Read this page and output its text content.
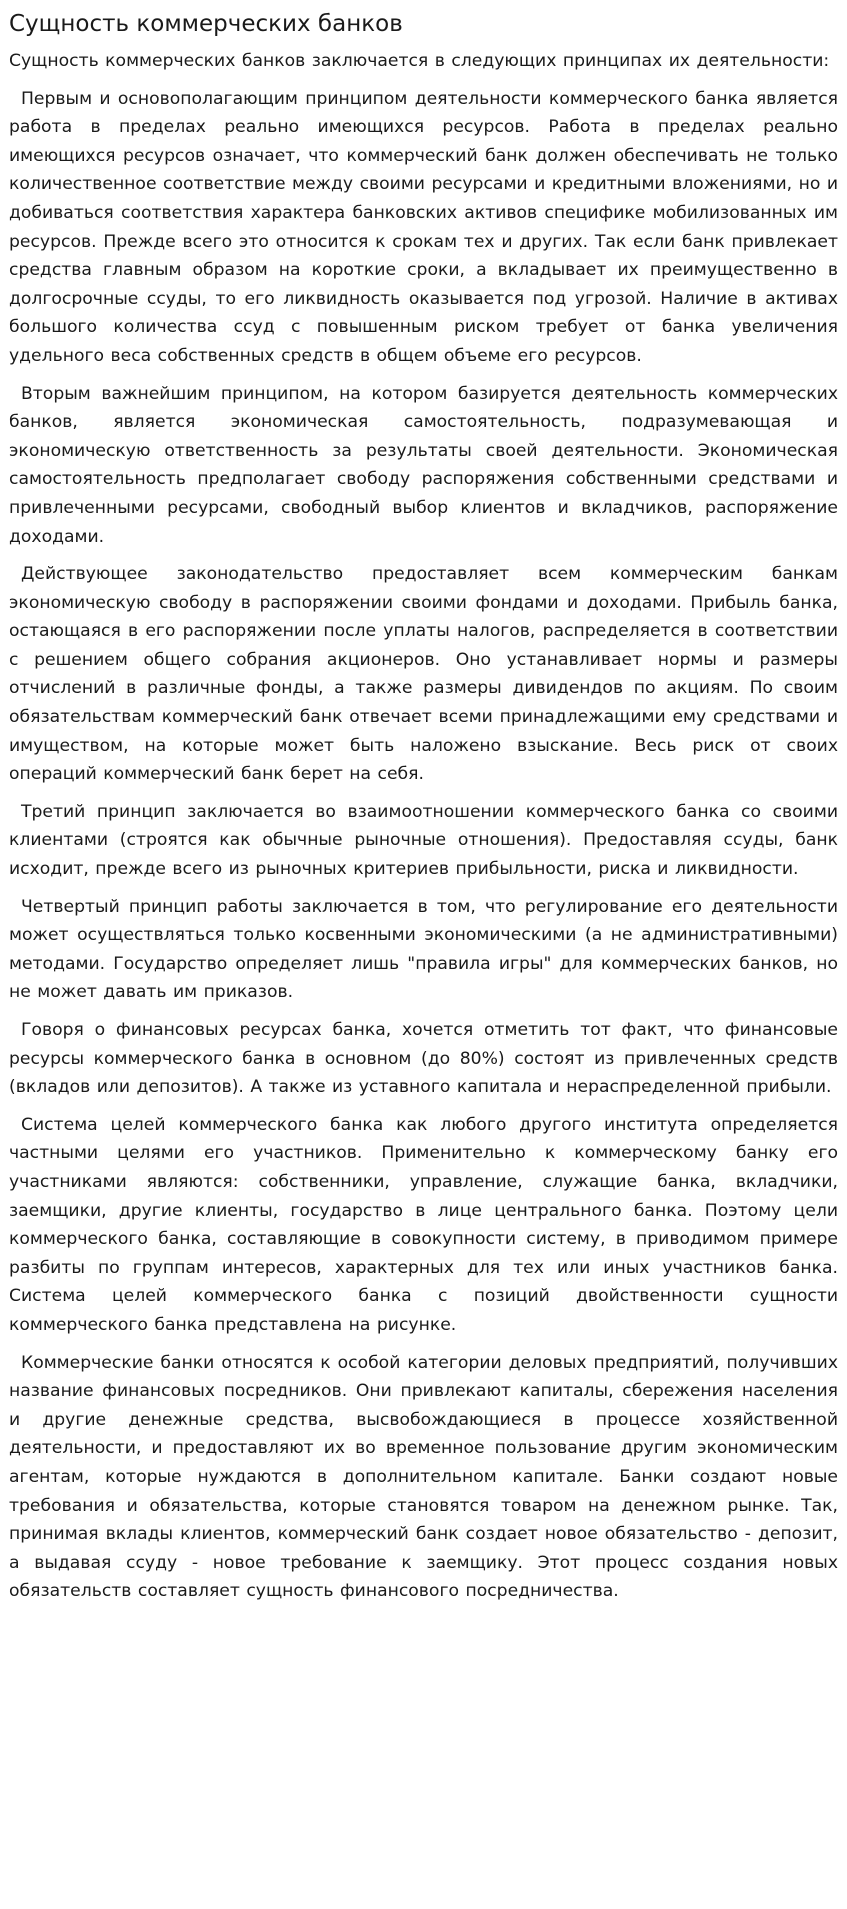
Сущность коммерческих банков

Сущность коммерческих банков заключается в следующих принципах их деятельности:

Первым и основополагающим принципом деятельности коммерческого банка является работа в пределах реально имеющихся ресурсов. Работа в пределах реально имеющихся ресурсов означает, что коммерческий банк должен обеспечивать не только количественное соответствие между своими ресурсами и кредитными вложениями, но и добиваться соответствия характера банковских активов специфике мобилизованных им ресурсов. Прежде всего это относится к срокам тех и других. Так если банк привлекает средства главным образом на короткие сроки, а вкладывает их преимущественно в долгосрочные ссуды, то его ликвидность оказывается под угрозой. Наличие в активах большого количества ссуд с повышенным риском требует от банка увеличения удельного веса собственных средств в общем объеме его ресурсов.

Вторым важнейшим принципом, на котором базируется деятельность коммерческих банков, является экономическая самостоятельность, подразумевающая и экономическую ответственность за результаты своей деятельности. Экономическая самостоятельность предполагает свободу распоряжения собственными средствами и привлеченными ресурсами, свободный выбор клиентов и вкладчиков, распоряжение доходами.

Действующее законодательство предоставляет всем коммерческим банкам экономическую свободу в распоряжении своими фондами и доходами. Прибыль банка, остающаяся в его распоряжении после уплаты налогов, распределяется в соответствии с решением общего собрания акционеров. Оно устанавливает нормы и размеры отчислений в различные фонды, а также размеры дивидендов по акциям. По своим обязательствам коммерческий банк отвечает всеми принадлежащими ему средствами и имуществом, на которые может быть наложено взыскание. Весь риск от своих операций коммерческий банк берет на себя.

Третий принцип заключается во взаимоотношении коммерческого банка со своими клиентами (строятся как обычные рыночные отношения). Предоставляя ссуды, банк исходит, прежде всего из рыночных критериев прибыльности, риска и ликвидности.

Четвертый принцип работы заключается в том, что регулирование его деятельности может осуществляться только косвенными экономическими (а не административными) методами. Государство определяет лишь "правила игры" для коммерческих банков, но не может давать им приказов.

Говоря о финансовых ресурсах банка, хочется отметить тот факт, что финансовые ресурсы коммерческого банка в основном (до 80%) состоят из привлеченных средств (вкладов или депозитов). А также из уставного капитала и нераспределенной прибыли.

Система целей коммерческого банка как любого другого института определяется частными целями его участников. Применительно к коммерческому банку его участниками являются: собственники, управление, служащие банка, вкладчики, заемщики, другие клиенты, государство в лице центрального банка. Поэтому цели коммерческого банка, составляющие в совокупности систему, в приводимом примере разбиты по группам интересов, характерных для тех или иных участников банка. Система целей коммерческого банка с позиций двойственности сущности коммерческого банка представлена на рисунке.

Коммерческие банки относятся к особой категории деловых предприятий, получивших название финансовых посредников. Они привлекают капиталы, сбережения населения и другие денежные средства, высвобождающиеся в процессе хозяйственной деятельности, и предоставляют их во временное пользование другим экономическим агентам, которые нуждаются в дополнительном капитале. Банки создают новые требования и обязательства, которые становятся товаром на денежном рынке. Так, принимая вклады клиентов, коммерческий банк создает новое обязательство - депозит, а выдавая ссуду - новое требование к заемщику. Этот процесс создания новых обязательств составляет сущность финансового посредничества.
